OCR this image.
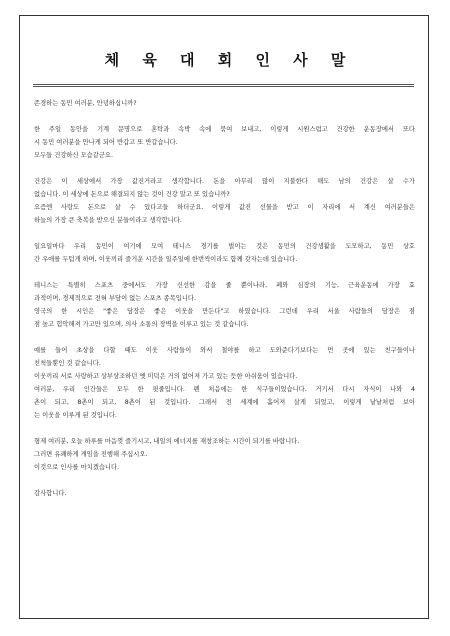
체 육 대 회 인 사 말

존경하는 동민 여러분, 안녕하십니까?

한 주일 동안을 기계 문명으로 혼탁과 속박 속에 묶여 보내고, 이렇게 시원스럽고 건강한 운동장에서 또다
시 동민 여러분을 만나게 되어 반갑고 또 반갑습니다.
모두들 건강하신 모습같군요.

건강은 이 세상에서 가장 값진거라고 생각합니다. 돈을 아무리 많이 지불한다 해도 남의 건강은 살 수가
없습니다. 이 세상에 돈으로 해결되지 않는 것이 건강 말고 또 있습니까?
요즘엔 사랑도 돈으로 살 수 있다고들 하더군요. 이렇게 값진 선물을 받고 이 자리에 서 계신 여러분들은
하늘의 가장 큰 축복을 받으신 분들이라고 생각합니다.

일요일마다 우리 동민이 여기에 모여 테니스 경기를 벌이는 것은 동민의 건강생활을 도모하고, 동민 상호
간 우애를 두텁게 하며, 이웃끼리 즐거운 시간을 일주일에 한번씩이라도 함께 갖자는데 있습니다.

테니스는 특별히 스포츠 중에서도 가장 신선한 감을 줄 뿐이나라, 폐와 심장의 기능, 근육운동에 가장 효
과적이며, 경제적으로 전혀 부담이 없는 스포츠 종목입니다.
영국의 한 시인은 "좋은 담장은 좋은 이웃을 만든다"고 하였습니다. 그런데 우리 서울 사람들의 담장은 점
점 높고 험악해져 가고만 있으며, 의사 소통의 장벽을 이루고 있는 것 같습니다.

예를 들어 초상을 다할 때도 이웃 사람들이 와서 철야를 하고 도와준다기보다는 먼 곳에 있는 친구들이나
친척들뿐인 것 같습니다.
이웃끼리 서로 사랑하고 상부상조하던 옛 미덕은 거의 없어져 가고 있는 듯한 아쉬움이 있습니다.
여러분, 우리 인간들은 모두 한 핏줄입니다. 펜 처음에는 한 식구들이었습니다. 거기서 다시 자식이 나와 4
촌이 되고, 8촌이 되고, 8촌이 된 것입니다. 그래서 전 세계에 흩어져 살게 되었고, 이렇게 낱낱처럼 보이
는 이웃을 이루게 된 것입니다.

형제 여러분, 오늘 하루를 마음껏 즐기시고, 내일의 에너지를 재창조하는 시간이 되기를 바랍니다.
그러면 유쾌하게 게임을 진행해 주십시오.
이것으로 인사를 마치겠습니다.

감사합니다.
